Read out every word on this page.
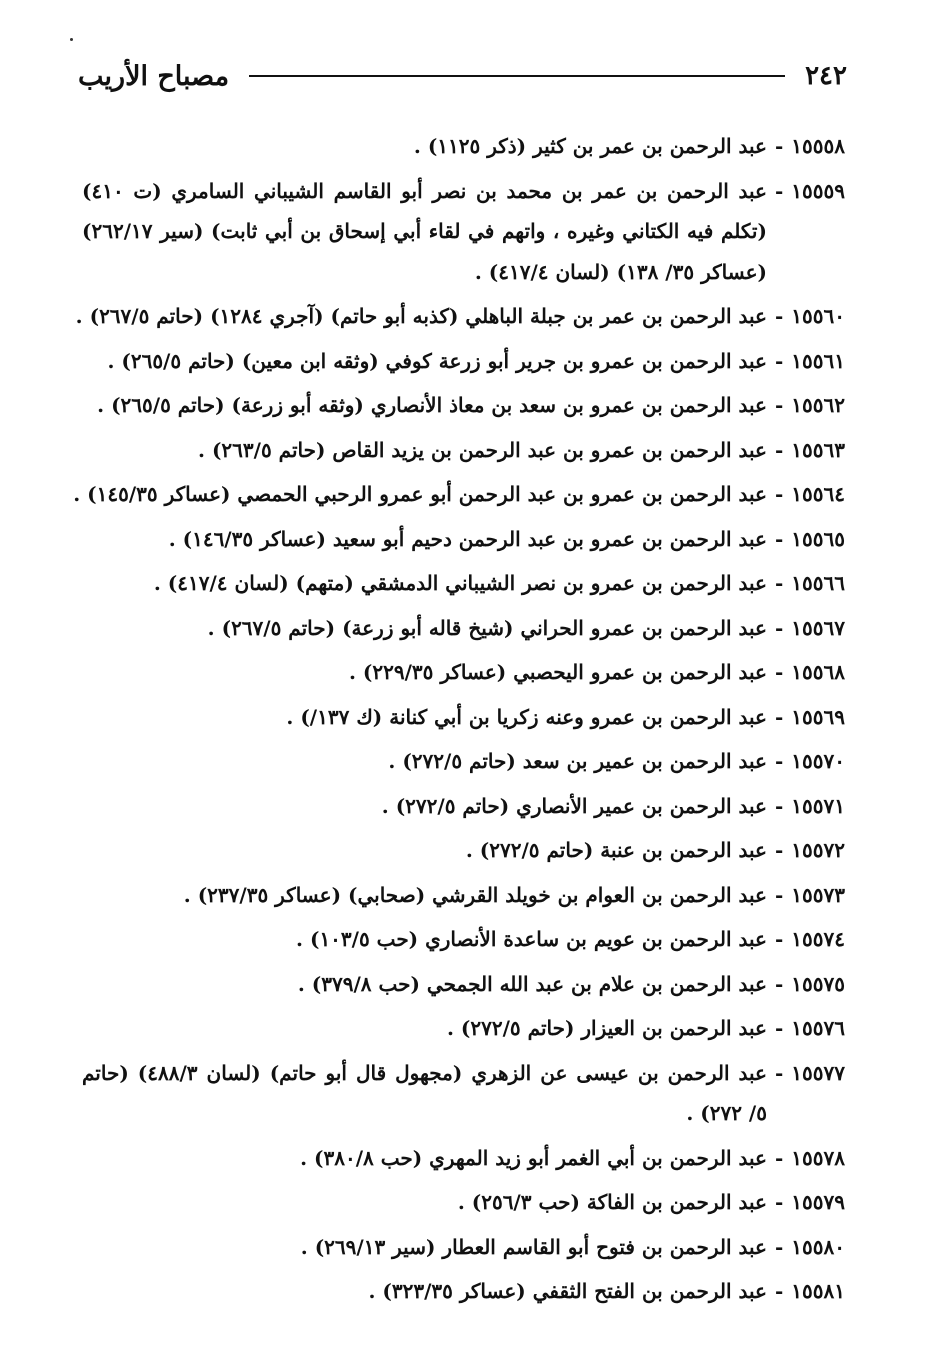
٢٤٢
مصباح الأريب
١٥٥٥٨
-
عبد الرحمن بن عمر بن كثير (ذكر ١١٢٥) .
١٥٥٥٩
-
عبد الرحمن بن عمر بن محمد بن نصر أبو القاسم الشيباني السامري (ت ٤١٠) (تكلم فيه الكتاني وغيره ، واتهم في لقاء أبي إسحاق بن أبي ثابت) (سير ٢٦٢/١٧) (عساكر ٣٥/ ١٣٨) (لسان ٤١٧/٤) .
١٥٥٦٠
-
عبد الرحمن بن عمر بن جبلة الباهلي (كذبه أبو حاتم) (آجري ١٢٨٤) (حاتم ٢٦٧/٥) .
١٥٥٦١
-
عبد الرحمن بن عمرو بن جرير أبو زرعة كوفي (وثقه ابن معين) (حاتم ٢٦٥/٥) .
١٥٥٦٢
-
عبد الرحمن بن عمرو بن سعد بن معاذ الأنصاري (وثقه أبو زرعة) (حاتم ٢٦٥/٥) .
١٥٥٦٣
-
عبد الرحمن بن عمرو بن عبد الرحمن بن يزيد القاص (حاتم ٢٦٣/٥) .
١٥٥٦٤
-
عبد الرحمن بن عمرو بن عبد الرحمن أبو عمرو الرحبي الحمصي (عساكر ١٤٥/٣٥) .
١٥٥٦٥
-
عبد الرحمن بن عمرو بن عبد الرحمن دحيم أبو سعيد (عساكر ١٤٦/٣٥) .
١٥٥٦٦
-
عبد الرحمن بن عمرو بن نصر الشيباني الدمشقي (متهم) (لسان ٤١٧/٤) .
١٥٥٦٧
-
عبد الرحمن بن عمرو الحراني (شيخ قاله أبو زرعة) (حاتم ٢٦٧/٥) .
١٥٥٦٨
-
عبد الرحمن بن عمرو اليحصبي (عساكر ٢٢٩/٣٥) .
١٥٥٦٩
-
عبد الرحمن بن عمرو وعنه زكريا بن أبي كنانة (ك ١٣٧/) .
١٥٥٧٠
-
عبد الرحمن بن عمير بن سعد (حاتم ٢٧٢/٥) .
١٥٥٧١
-
عبد الرحمن بن عمير الأنصاري (حاتم ٢٧٢/٥) .
١٥٥٧٢
-
عبد الرحمن بن عنبة (حاتم ٢٧٢/٥) .
١٥٥٧٣
-
عبد الرحمن بن العوام بن خويلد القرشي (صحابي) (عساكر ٢٣٧/٣٥) .
١٥٥٧٤
-
عبد الرحمن بن عويم بن ساعدة الأنصاري (حب ١٠٣/٥) .
١٥٥٧٥
-
عبد الرحمن بن علام بن عبد الله الجمحي (حب ٣٧٩/٨) .
١٥٥٧٦
-
عبد الرحمن بن العيزار (حاتم ٢٧٢/٥) .
١٥٥٧٧
-
عبد الرحمن بن عيسى عن الزهري (مجهول قال أبو حاتم) (لسان ٤٨٨/٣) (حاتم ٥/ ٢٧٢) .
١٥٥٧٨
-
عبد الرحمن بن أبي الغمر أبو زيد المهري (حب ٣٨٠/٨) .
١٥٥٧٩
-
عبد الرحمن بن الفاكة (حب ٢٥٦/٣) .
١٥٥٨٠
-
عبد الرحمن بن فتوح أبو القاسم العطار (سير ٢٦٩/١٣) .
١٥٥٨١
-
عبد الرحمن بن الفتح الثقفي (عساكر ٣٢٣/٣٥) .
